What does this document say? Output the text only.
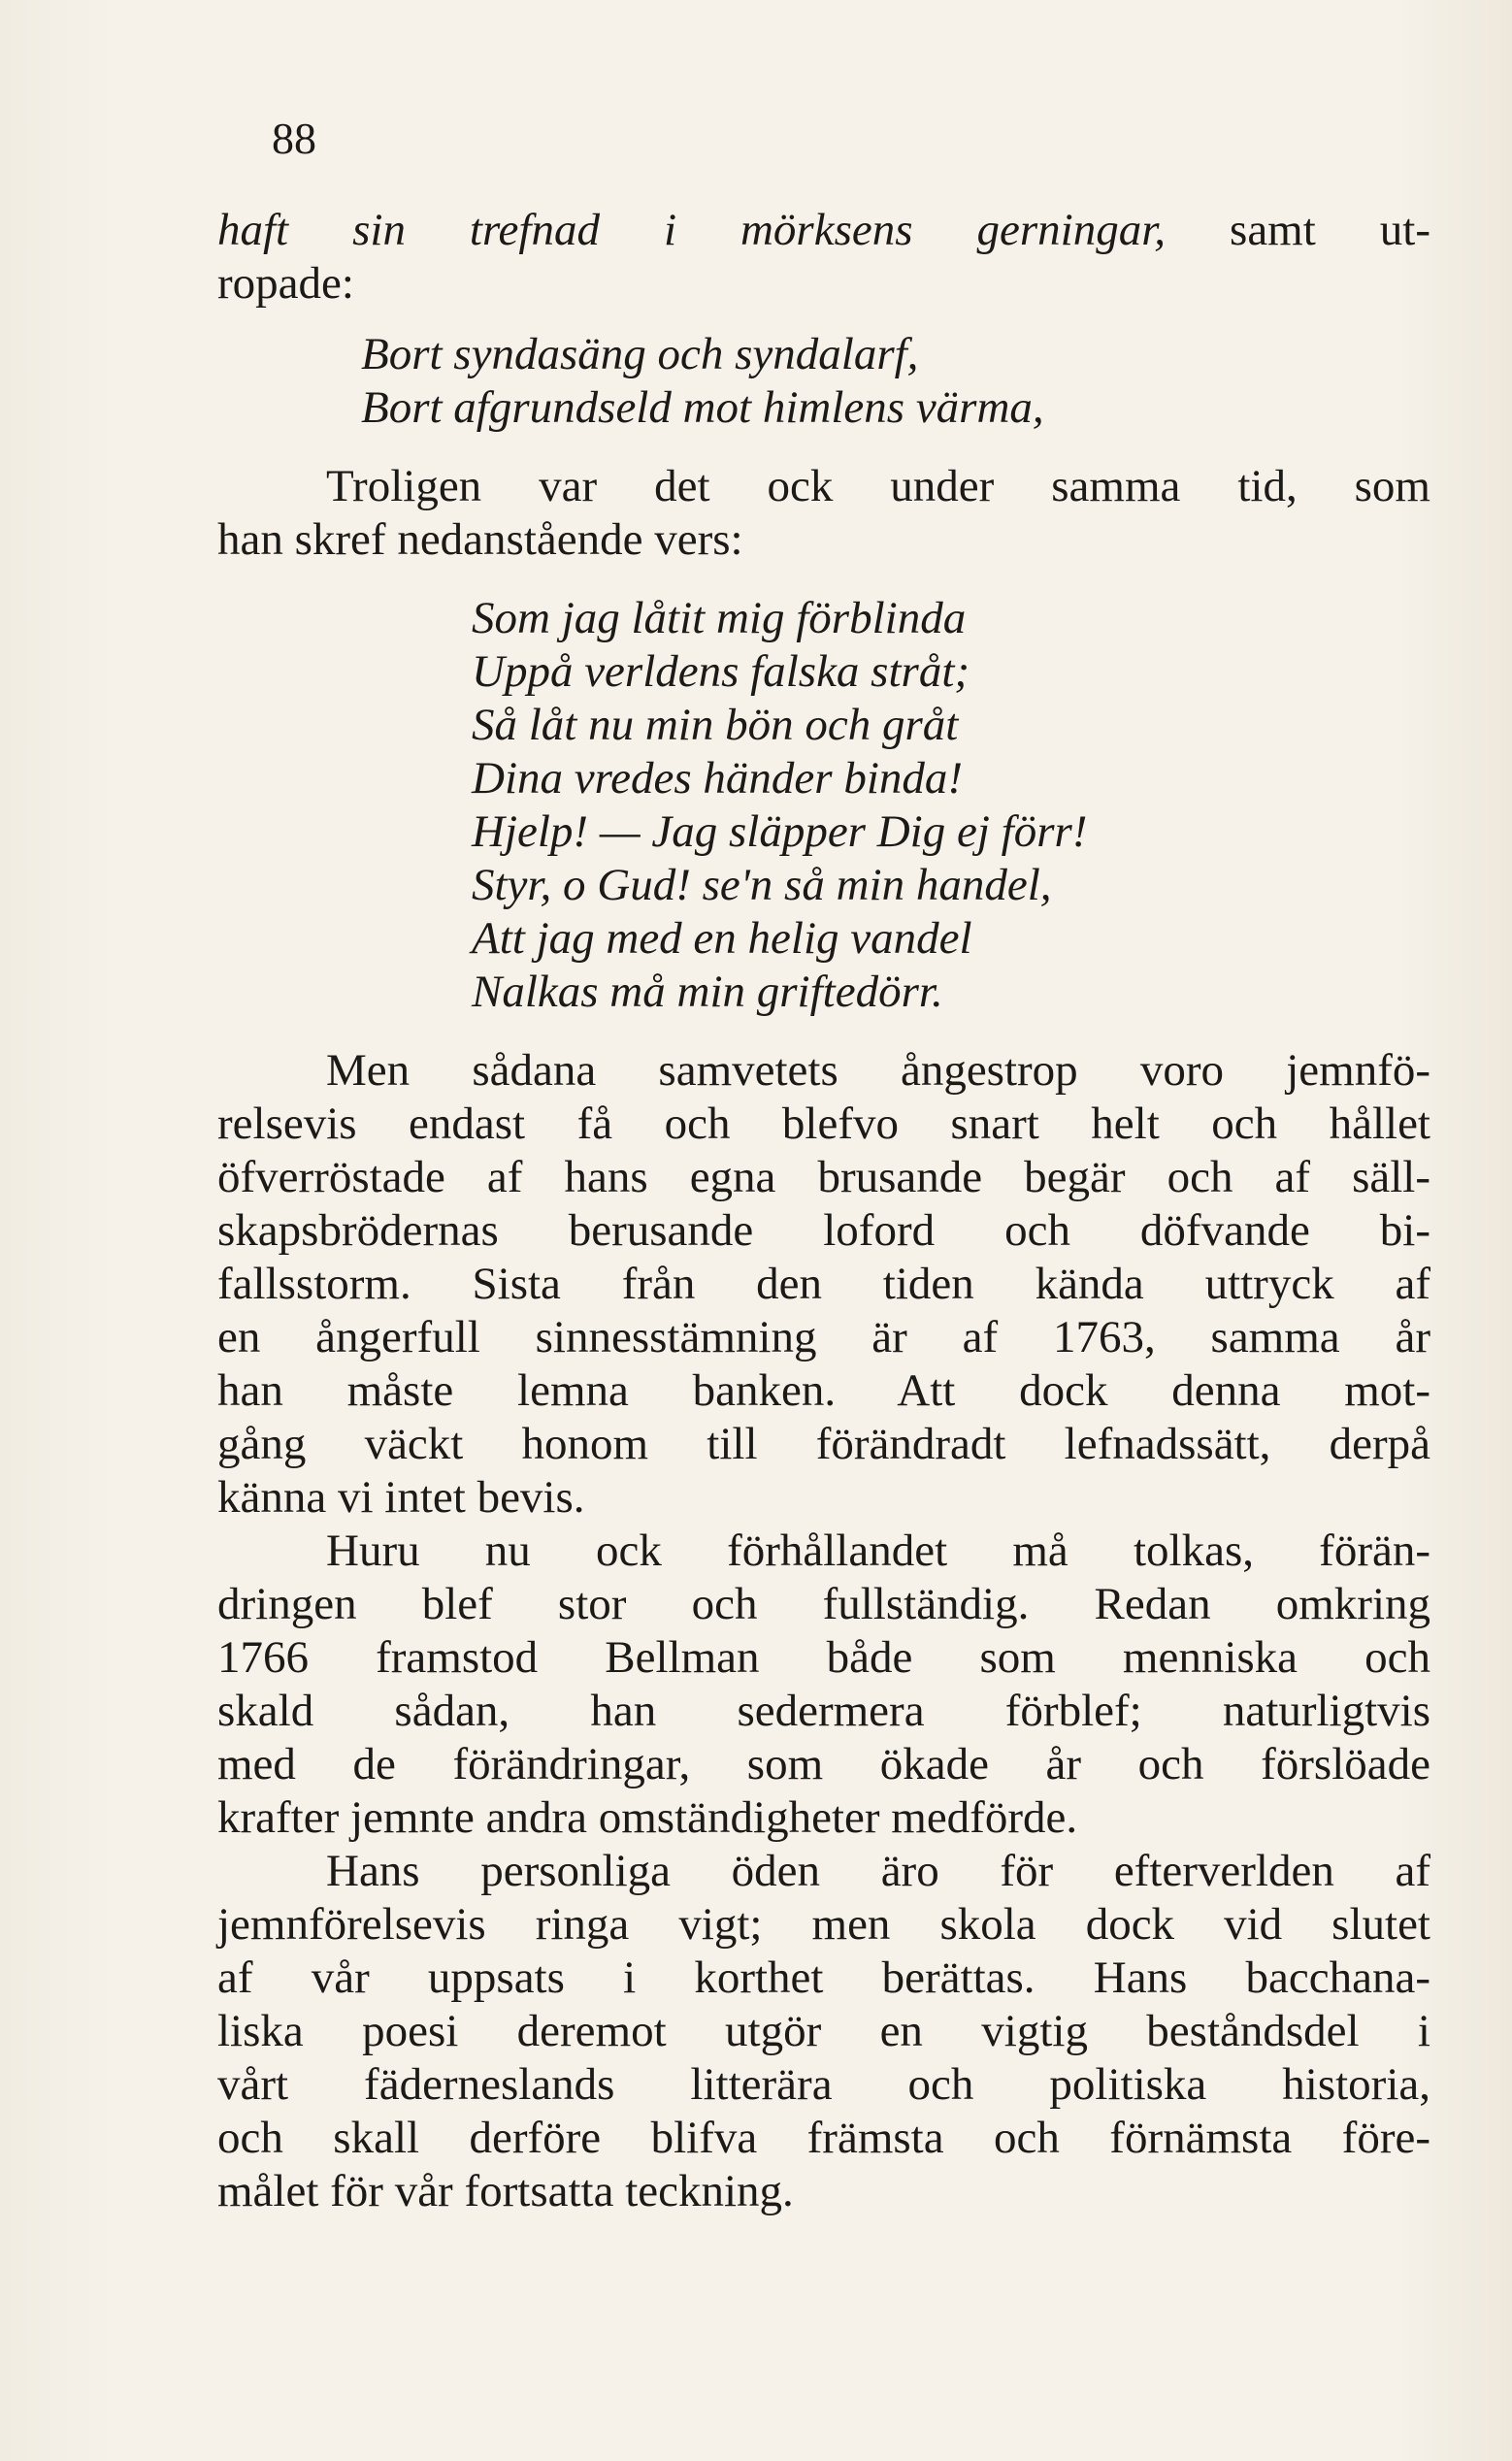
88
haft sin trefnad i mörksens gerningar, samt ut-
ropade:
Bort syndasäng och syndalarf,
Bort afgrundseld mot himlens värma,
Troligen var det ock under samma tid, som
han skref nedanstående vers:
Som jag låtit mig förblinda
Uppå verldens falska stråt;
Så låt nu min bön och gråt
Dina vredes händer binda!
Hjelp! — Jag släpper Dig ej förr!
Styr, o Gud! se'n så min handel,
Att jag med en helig vandel
Nalkas må min griftedörr.
Men sådana samvetets ångestrop voro jemnfö-
relsevis endast få och blefvo snart helt och hållet
öfverröstade af hans egna brusande begär och af säll-
skapsbrödernas berusande loford och döfvande bi-
fallsstorm. Sista från den tiden kända uttryck af
en ångerfull sinnesstämning är af 1763, samma år
han måste lemna banken. Att dock denna mot-
gång väckt honom till förändradt lefnadssätt, derpå
känna vi intet bevis.
Huru nu ock förhållandet må tolkas, förän-
dringen blef stor och fullständig. Redan omkring
1766 framstod Bellman både som menniska och
skald sådan, han sedermera förblef; naturligtvis
med de förändringar, som ökade år och förslöade
krafter jemnte andra omständigheter medförde.
Hans personliga öden äro för efterverlden af
jemnförelsevis ringa vigt; men skola dock vid slutet
af vår uppsats i korthet berättas. Hans bacchana-
liska poesi deremot utgör en vigtig beståndsdel i
vårt fäderneslands litterära och politiska historia,
och skall derföre blifva främsta och förnämsta före-
målet för vår fortsatta teckning.
